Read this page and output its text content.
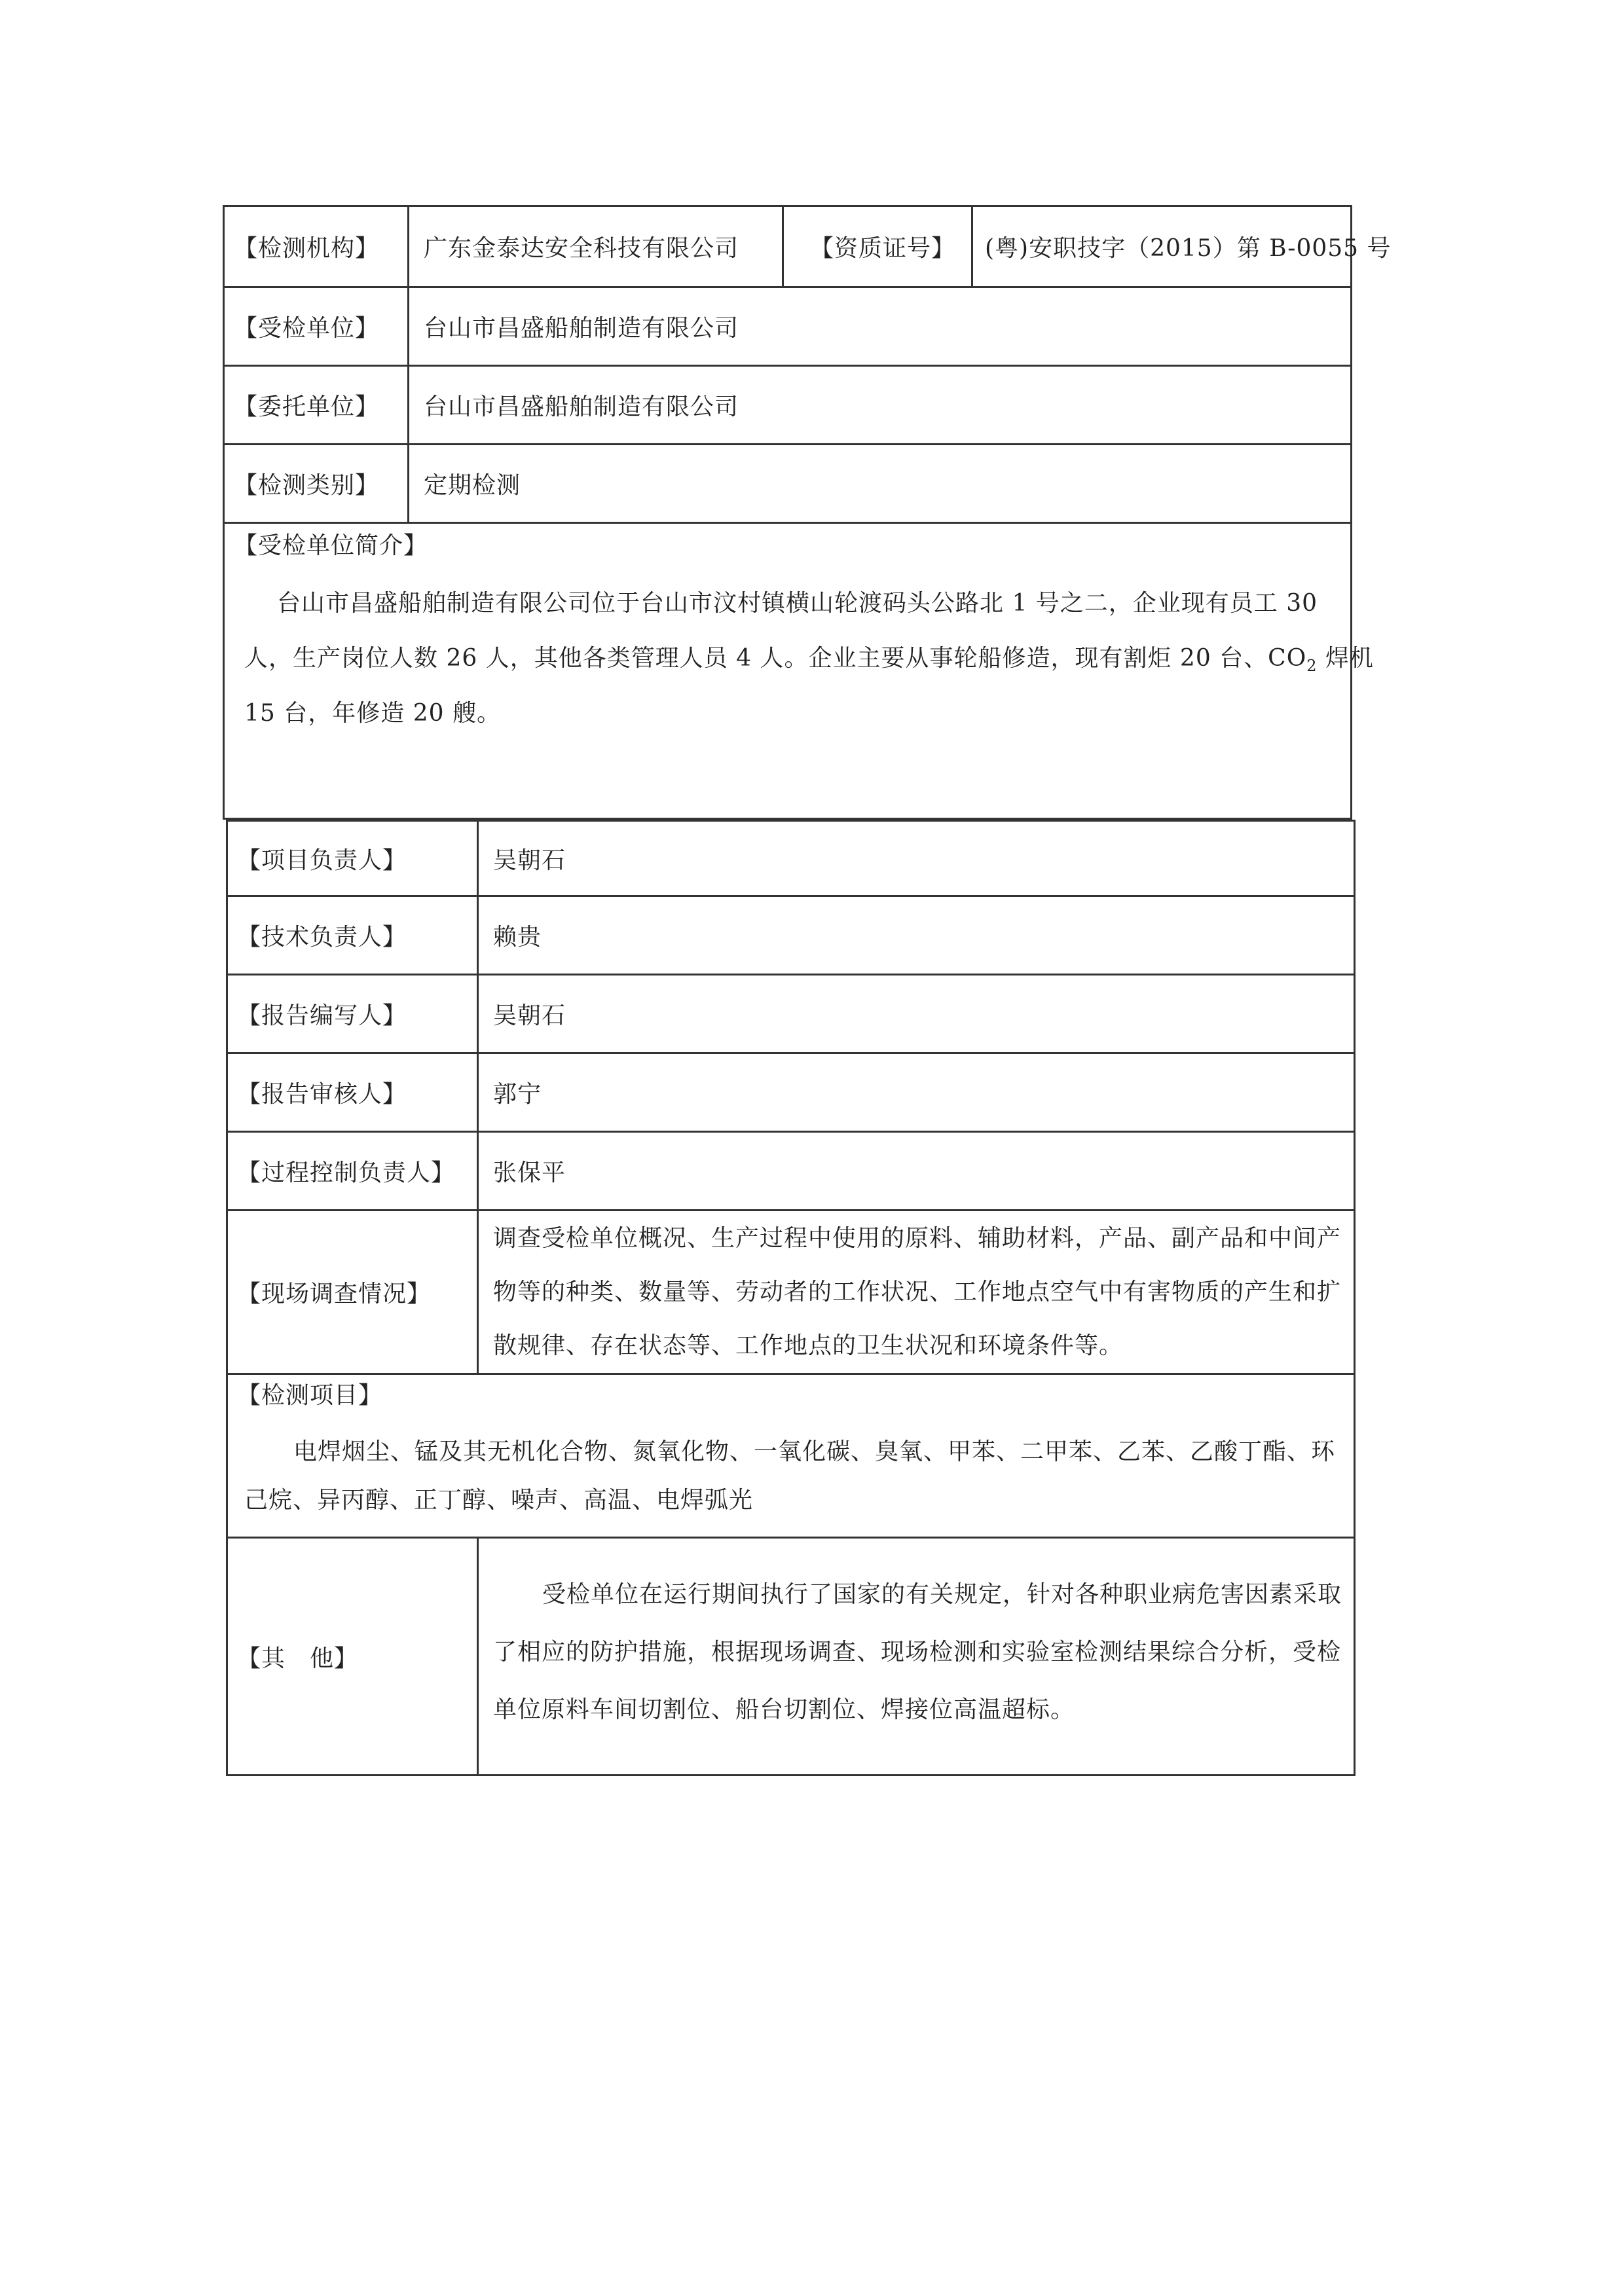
【检测机构】	广东金泰达安全科技有限公司	【资质证号】	(粤)安职技字（2015）第 B-0055 号
【受检单位】	台山市昌盛船舶制造有限公司
【委托单位】	台山市昌盛船舶制造有限公司
【检测类别】	定期检测
【受检单位简介】
台山市昌盛船舶制造有限公司位于台山市汶村镇横山轮渡码头公路北 1 号之二，企业现有员工 30
人，生产岗位人数 26 人，其他各类管理人员 4 人。企业主要从事轮船修造，现有割炬 20 台、$CO_2$ 焊机
15 台，年修造 20 艘。
【项目负责人】	吴朝石
【技术负责人】	赖贵
【报告编写人】	吴朝石
【报告审核人】	郭宁
【过程控制负责人】	张保平
【现场调查情况】
调查受检单位概况、生产过程中使用的原料、辅助材料，产品、副产品和中间产
物等的种类、数量等、劳动者的工作状况、工作地点空气中有害物质的产生和扩
散规律、存在状态等、工作地点的卫生状况和环境条件等。
【检测项目】
电焊烟尘、锰及其无机化合物、氮氧化物、一氧化碳、臭氧、甲苯、二甲苯、乙苯、乙酸丁酯、环
己烷、异丙醇、正丁醇、噪声、高温、电焊弧光
【其　他】
受检单位在运行期间执行了国家的有关规定，针对各种职业病危害因素采取
了相应的防护措施，根据现场调查、现场检测和实验室检测结果综合分析，受检
单位原料车间切割位、船台切割位、焊接位高温超标。
